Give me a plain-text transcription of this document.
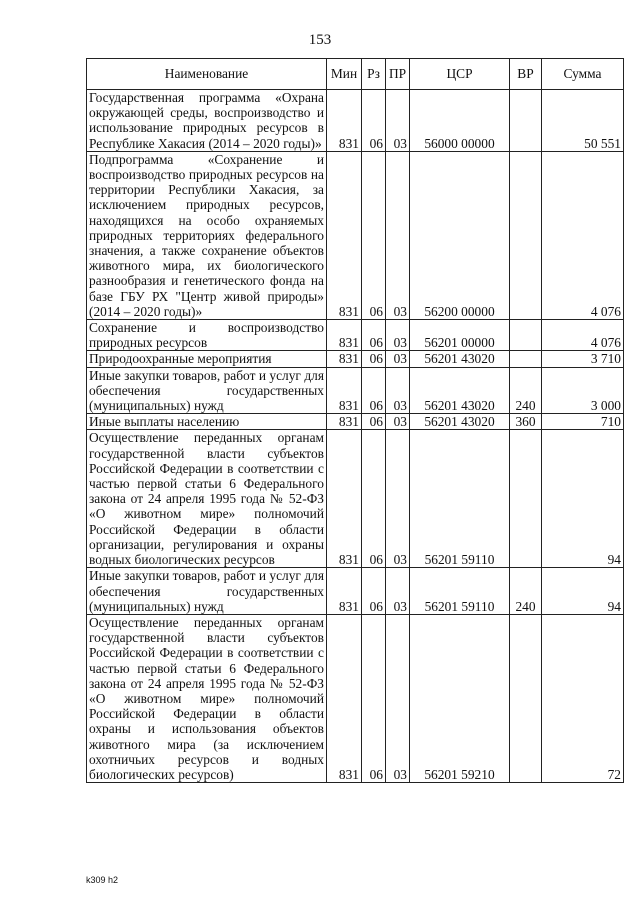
153
Наименование	Мин	Рз	ПР	ЦСР	ВР	Сумма
Государственная программа «Охрана окружающей среды, воспроизводство и использование природных ресурсов в Республике Хакасия (2014 – 2020 годы)»	831	06	03	56000 00000		50 551
Подпрограмма «Сохранение и воспроизводство природных ресурсов на территории Республики Хакасия, за исключением природных ресурсов, находящихся на особо охраняемых природных территориях федерального значения, а также сохранение объектов животного мира, их биологического разнообразия и генетического фонда на базе ГБУ РХ "Центр живой природы» (2014 – 2020 годы)»	831	06	03	56200 00000		4 076
Сохранение и воспроизводство природных ресурсов	831	06	03	56201 00000		4 076
Природоохранные мероприятия	831	06	03	56201 43020		3 710
Иные закупки товаров, работ и услуг для обеспечения государственных (муниципальных) нужд	831	06	03	56201 43020	240	3 000
Иные выплаты населению	831	06	03	56201 43020	360	710
Осуществление переданных органам государственной власти субъектов Российской Федерации в соответствии с частью первой статьи 6 Федерального закона от 24 апреля 1995 года № 52-ФЗ «О животном мире» полномочий Российской Федерации в области организации, регулирования и охраны водных биологических ресурсов	831	06	03	56201 59110		94
Иные закупки товаров, работ и услуг для обеспечения государственных (муниципальных) нужд	831	06	03	56201 59110	240	94
Осуществление переданных органам государственной власти субъектов Российской Федерации в соответствии с частью первой статьи 6 Федерального закона от 24 апреля 1995 года № 52-ФЗ «О животном мире» полномочий Российской Федерации в области охраны и использования объектов животного мира (за исключением охотничьих ресурсов и водных биологических ресурсов)	831	06	03	56201 59210		72
k309 h2
